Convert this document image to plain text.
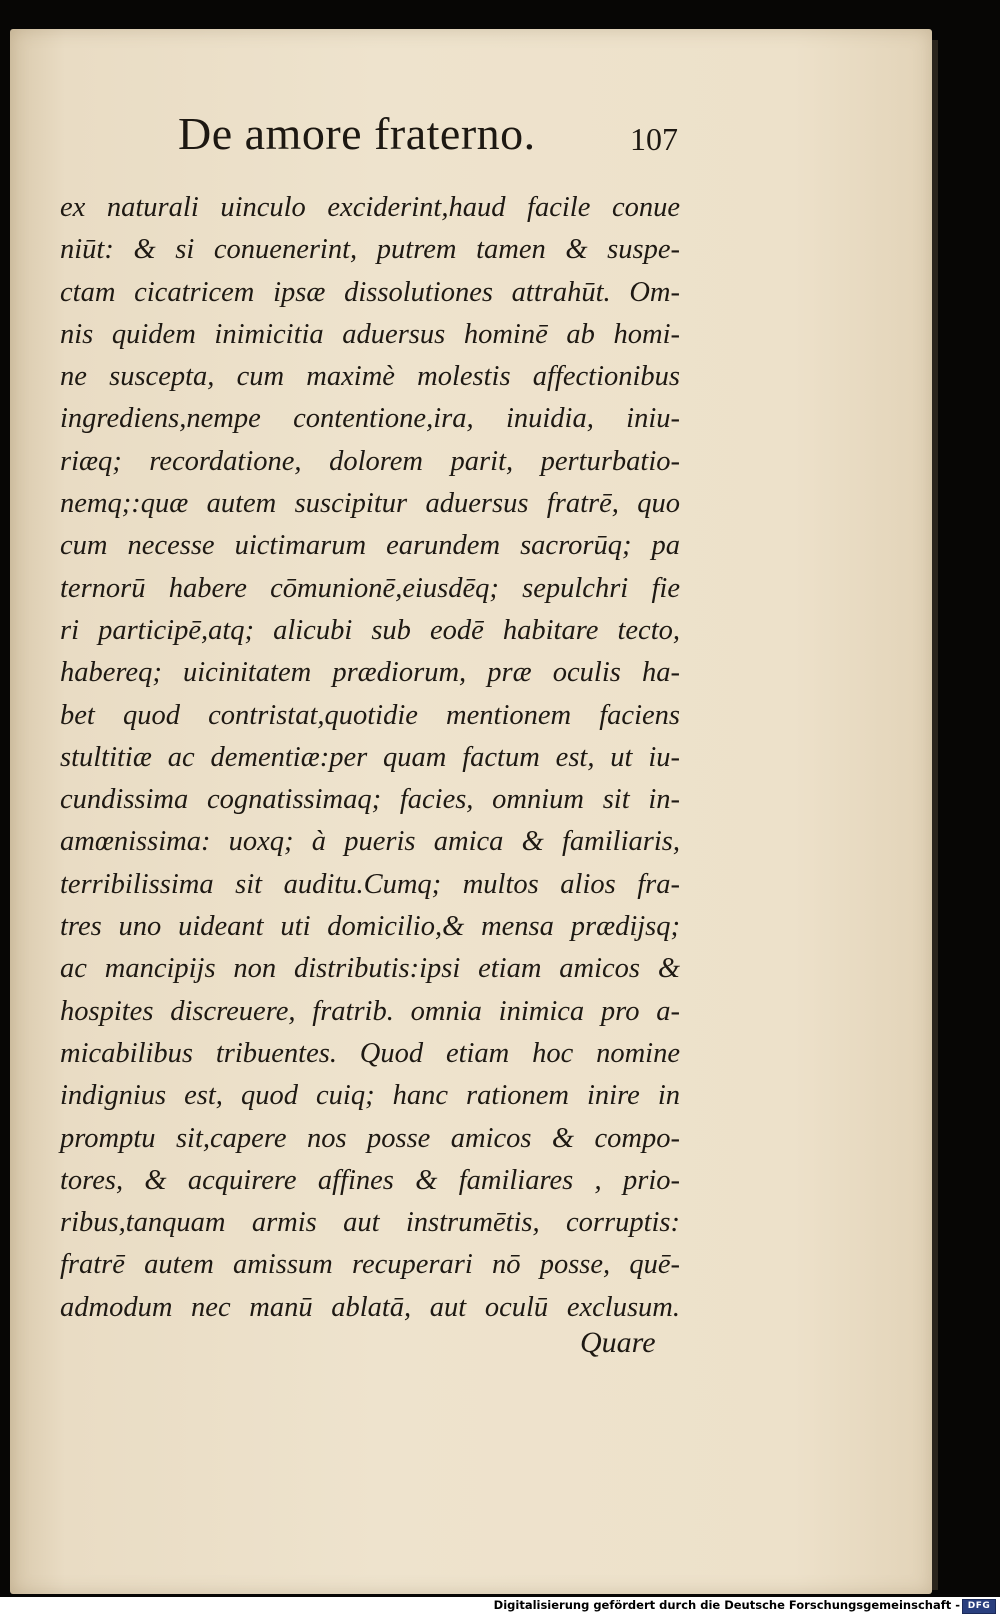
De amore fraterno.	107
ex naturali uinculo exciderint,haud facile conue
niūt: & si conuenerint, putrem tamen & suspe-
ctam cicatricem ipsæ dissolutiones attrahūt. Om-
nis quidem inimicitia aduersus hominē ab homi-
ne suscepta, cum maximè molestis affectionibus
ingrediens,nempe contentione,ira, inuidia, iniu-
riæq; recordatione, dolorem parit, perturbatio-
nemq;:quæ autem suscipitur aduersus fratrē, quo
cum necesse uictimarum earundem sacrorūq; pa
ternorū habere cōmunionē,eiusdēq; sepulchri fie
ri participē,atq; alicubi sub eodē habitare tecto,
habereq; uicinitatem prædiorum, præ oculis ha-
bet quod contristat,quotidie mentionem faciens
stultitiæ ac dementiæ:per quam factum est, ut iu-
cundissima cognatissimaq; facies, omnium sit in-
amœnissima: uoxq; à pueris amica & familiaris,
terribilissima sit auditu.Cumq; multos alios fra-
tres uno uideant uti domicilio,& mensa prædijsq;
ac mancipijs non distributis:ipsi etiam amicos &
hospites discreuere, fratrib. omnia inimica pro a-
micabilibus tribuentes. Quod etiam hoc nomine
indignius est, quod cuiq; hanc rationem inire in
promptu sit,capere nos posse amicos & compo-
tores, & acquirere affines & familiares , prio-
ribus,tanquam armis aut instrumētis, corruptis:
fratrē autem amissum recuperari nō posse, quē-
admodum nec manū ablatā, aut oculū exclusum.
Quare
Digitalisierung gefördert durch die Deutsche Forschungsgemeinschaft - DFG
